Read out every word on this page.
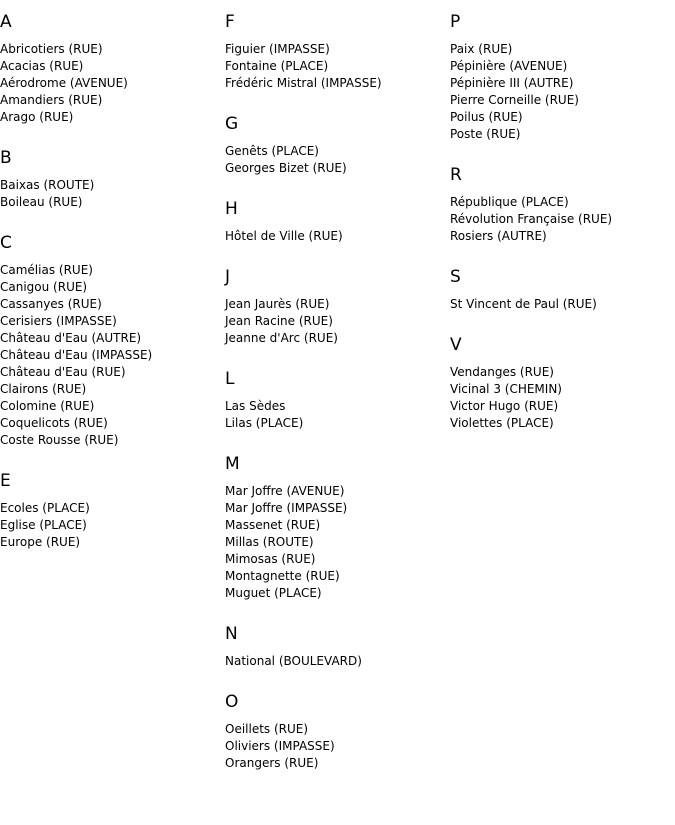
A
Abricotiers (RUE)
Acacias (RUE)
Aérodrome (AVENUE)
Amandiers (RUE)
Arago (RUE)
B
Baixas (ROUTE)
Boileau (RUE)
C
Camélias (RUE)
Canigou (RUE)
Cassanyes (RUE)
Cerisiers (IMPASSE)
Château d'Eau (AUTRE)
Château d'Eau (IMPASSE)
Château d'Eau (RUE)
Clairons (RUE)
Colomine (RUE)
Coquelicots (RUE)
Coste Rousse (RUE)
E
Ecoles (PLACE)
Eglise (PLACE)
Europe (RUE)
F
Figuier (IMPASSE)
Fontaine (PLACE)
Frédéric Mistral (IMPASSE)
G
Genêts (PLACE)
Georges Bizet (RUE)
H
Hôtel de Ville (RUE)
J
Jean Jaurès (RUE)
Jean Racine (RUE)
Jeanne d'Arc (RUE)
L
Las Sèdes
Lilas (PLACE)
M
Mar Joffre (AVENUE)
Mar Joffre (IMPASSE)
Massenet (RUE)
Millas (ROUTE)
Mimosas (RUE)
Montagnette (RUE)
Muguet (PLACE)
N
National (BOULEVARD)
O
Oeillets (RUE)
Oliviers (IMPASSE)
Orangers (RUE)
P
Paix (RUE)
Pépinière (AVENUE)
Pépinière III (AUTRE)
Pierre Corneille (RUE)
Poilus (RUE)
Poste (RUE)
R
République (PLACE)
Révolution Française (RUE)
Rosiers (AUTRE)
S
St Vincent de Paul (RUE)
V
Vendanges (RUE)
Vicinal 3 (CHEMIN)
Victor Hugo (RUE)
Violettes (PLACE)
